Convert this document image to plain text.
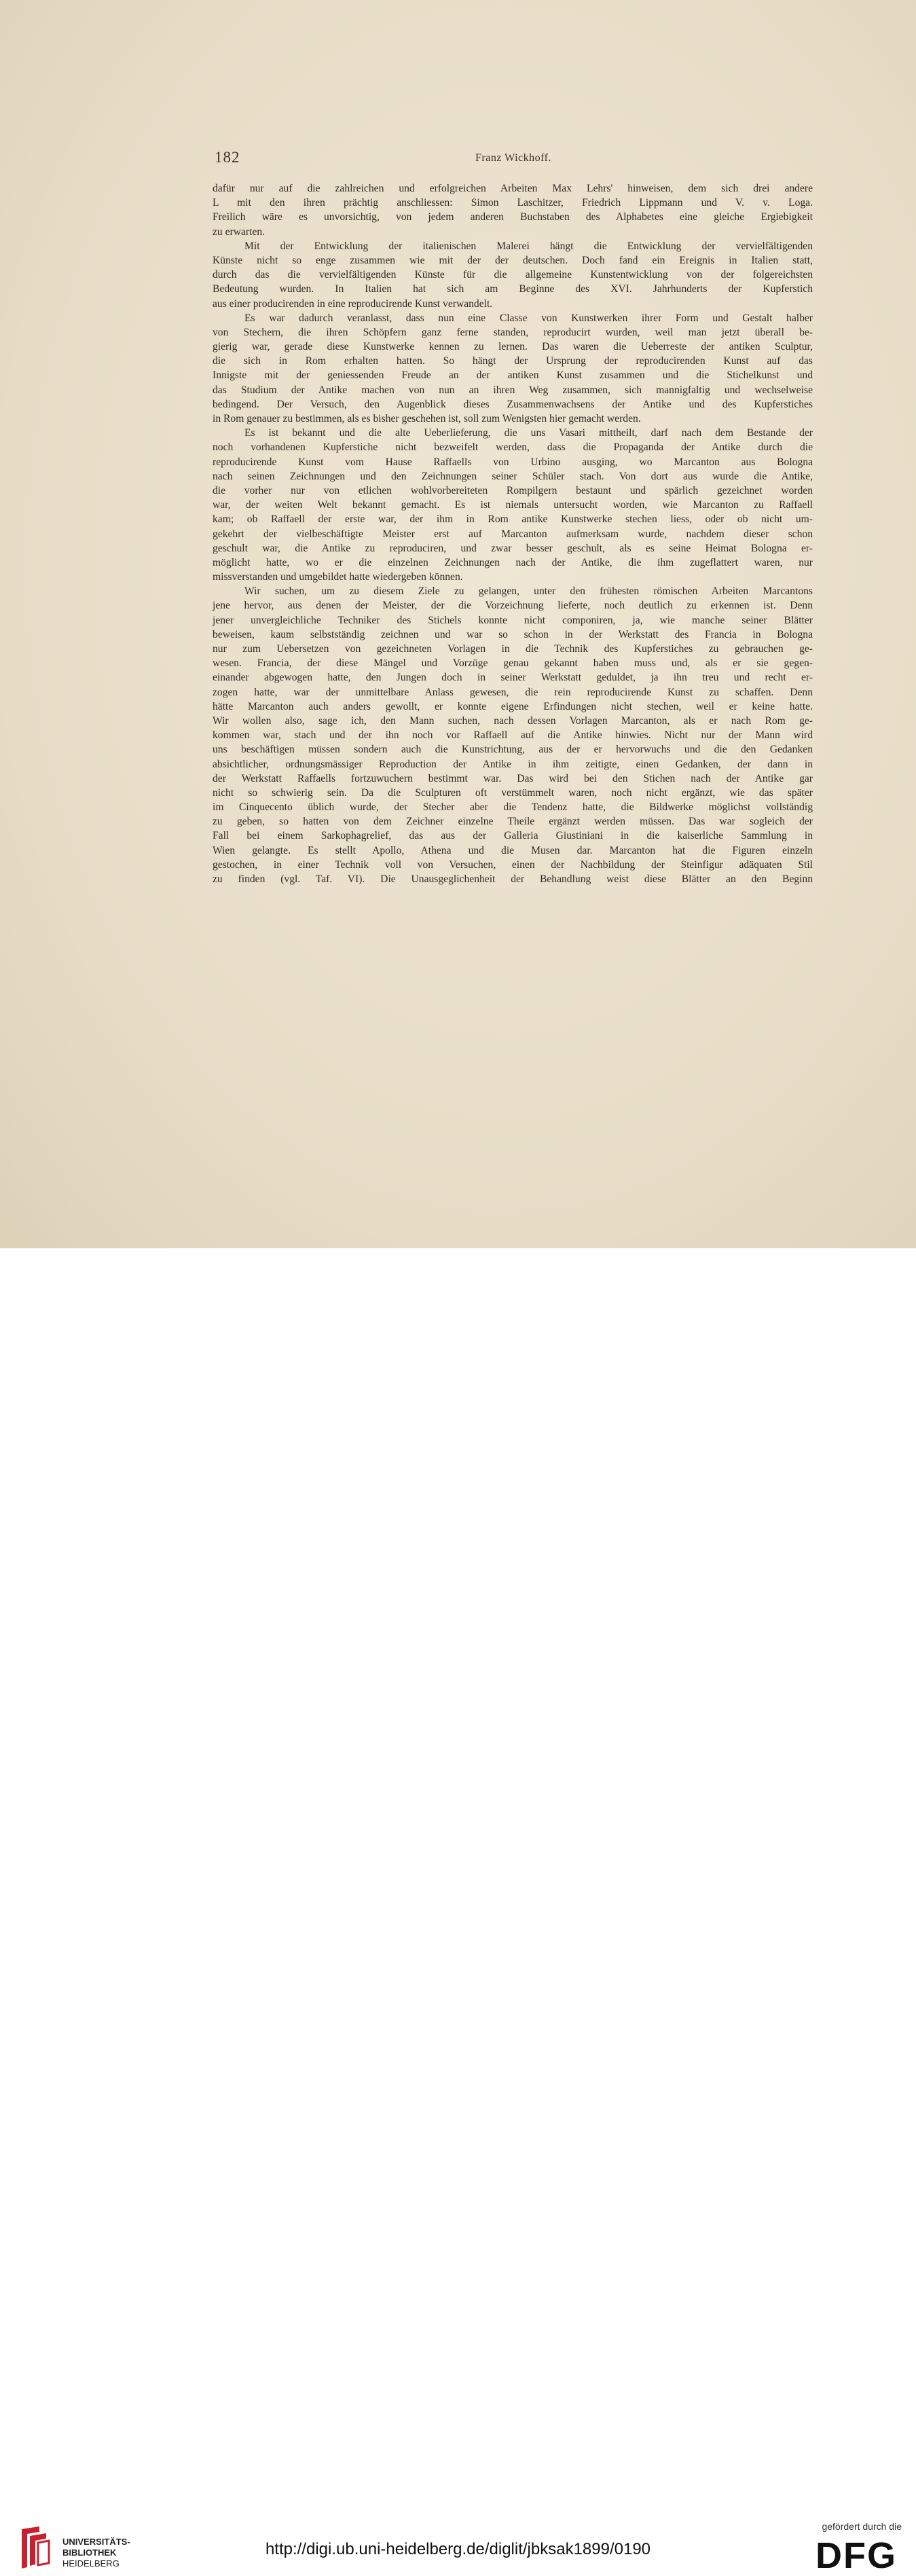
182	Franz Wickhoff.
dafür nur auf die zahlreichen und erfolgreichen Arbeiten Max Lehrs' hinweisen, dem sich drei andere
L mit den ihren prächtig anschliessen: Simon Laschitzer, Friedrich Lippmann und V. v. Loga.
Freilich wäre es unvorsichtig, von jedem anderen Buchstaben des Alphabetes eine gleiche Ergiebigkeit
zu erwarten.
Mit der Entwicklung der italienischen Malerei hängt die Entwicklung der vervielfältigenden
Künste nicht so enge zusammen wie mit der der deutschen. Doch fand ein Ereignis in Italien statt,
durch das die vervielfältigenden Künste für die allgemeine Kunstentwicklung von der folgereichsten
Bedeutung wurden. In Italien hat sich am Beginne des XVI. Jahrhunderts der Kupferstich
aus einer producirenden in eine reproducirende Kunst verwandelt.
Es war dadurch veranlasst, dass nun eine Classe von Kunstwerken ihrer Form und Gestalt halber
von Stechern, die ihren Schöpfern ganz ferne standen, reproducirt wurden, weil man jetzt überall be-
gierig war, gerade diese Kunstwerke kennen zu lernen. Das waren die Ueberreste der antiken Sculptur,
die sich in Rom erhalten hatten. So hängt der Ursprung der reproducirenden Kunst auf das
Innigste mit der geniessenden Freude an der antiken Kunst zusammen und die Stichelkunst und
das Studium der Antike machen von nun an ihren Weg zusammen, sich mannigfaltig und wechselweise
bedingend. Der Versuch, den Augenblick dieses Zusammenwachsens der Antike und des Kupferstiches
in Rom genauer zu bestimmen, als es bisher geschehen ist, soll zum Wenigsten hier gemacht werden.
Es ist bekannt und die alte Ueberlieferung, die uns Vasari mittheilt, darf nach dem Bestande der
noch vorhandenen Kupferstiche nicht bezweifelt werden, dass die Propaganda der Antike durch die
reproducirende Kunst vom Hause Raffaells von Urbino ausging, wo Marcanton aus Bologna
nach seinen Zeichnungen und den Zeichnungen seiner Schüler stach. Von dort aus wurde die Antike,
die vorher nur von etlichen wohlvorbereiteten Rompilgern bestaunt und spärlich gezeichnet worden
war, der weiten Welt bekannt gemacht. Es ist niemals untersucht worden, wie Marcanton zu Raffaell
kam; ob Raffaell der erste war, der ihm in Rom antike Kunstwerke stechen liess, oder ob nicht um-
gekehrt der vielbeschäftigte Meister erst auf Marcanton aufmerksam wurde, nachdem dieser schon
geschult war, die Antike zu reproduciren, und zwar besser geschult, als es seine Heimat Bologna er-
möglicht hatte, wo er die einzelnen Zeichnungen nach der Antike, die ihm zugeflattert waren, nur
missverstanden und umgebildet hatte wiedergeben können.
Wir suchen, um zu diesem Ziele zu gelangen, unter den frühesten römischen Arbeiten Marcantons
jene hervor, aus denen der Meister, der die Vorzeichnung lieferte, noch deutlich zu erkennen ist. Denn
jener unvergleichliche Techniker des Stichels konnte nicht componiren, ja, wie manche seiner Blätter
beweisen, kaum selbstständig zeichnen und war so schon in der Werkstatt des Francia in Bologna
nur zum Uebersetzen von gezeichneten Vorlagen in die Technik des Kupferstiches zu gebrauchen ge-
wesen. Francia, der diese Mängel und Vorzüge genau gekannt haben muss und, als er sie gegen-
einander abgewogen hatte, den Jungen doch in seiner Werkstatt geduldet, ja ihn treu und recht er-
zogen hatte, war der unmittelbare Anlass gewesen, die rein reproducirende Kunst zu schaffen. Denn
hätte Marcanton auch anders gewollt, er konnte eigene Erfindungen nicht stechen, weil er keine hatte.
Wir wollen also, sage ich, den Mann suchen, nach dessen Vorlagen Marcanton, als er nach Rom ge-
kommen war, stach und der ihn noch vor Raffaell auf die Antike hinwies. Nicht nur der Mann wird
uns beschäftigen müssen sondern auch die Kunstrichtung, aus der er hervorwuchs und die den Gedanken
absichtlicher, ordnungsmässiger Reproduction der Antike in ihm zeitigte, einen Gedanken, der dann in
der Werkstatt Raffaells fortzuwuchern bestimmt war. Das wird bei den Stichen nach der Antike gar
nicht so schwierig sein. Da die Sculpturen oft verstümmelt waren, noch nicht ergänzt, wie das später
im Cinquecento üblich wurde, der Stecher aber die Tendenz hatte, die Bildwerke möglichst vollständig
zu geben, so hatten von dem Zeichner einzelne Theile ergänzt werden müssen. Das war sogleich der
Fall bei einem Sarkophagrelief, das aus der Galleria Giustiniani in die kaiserliche Sammlung in
Wien gelangte. Es stellt Apollo, Athena und die Musen dar. Marcanton hat die Figuren einzeln
gestochen, in einer Technik voll von Versuchen, einen der Nachbildung der Steinfigur adäquaten Stil
zu finden (vgl. Taf. VI). Die Unausgeglichenheit der Behandlung weist diese Blätter an den Beginn
UNIVERSITÄTS-
BIBLIOTHEK
HEIDELBERG
http://digi.ub.uni-heidelberg.de/diglit/jbksak1899/0190
gefördert durch die
DFG
